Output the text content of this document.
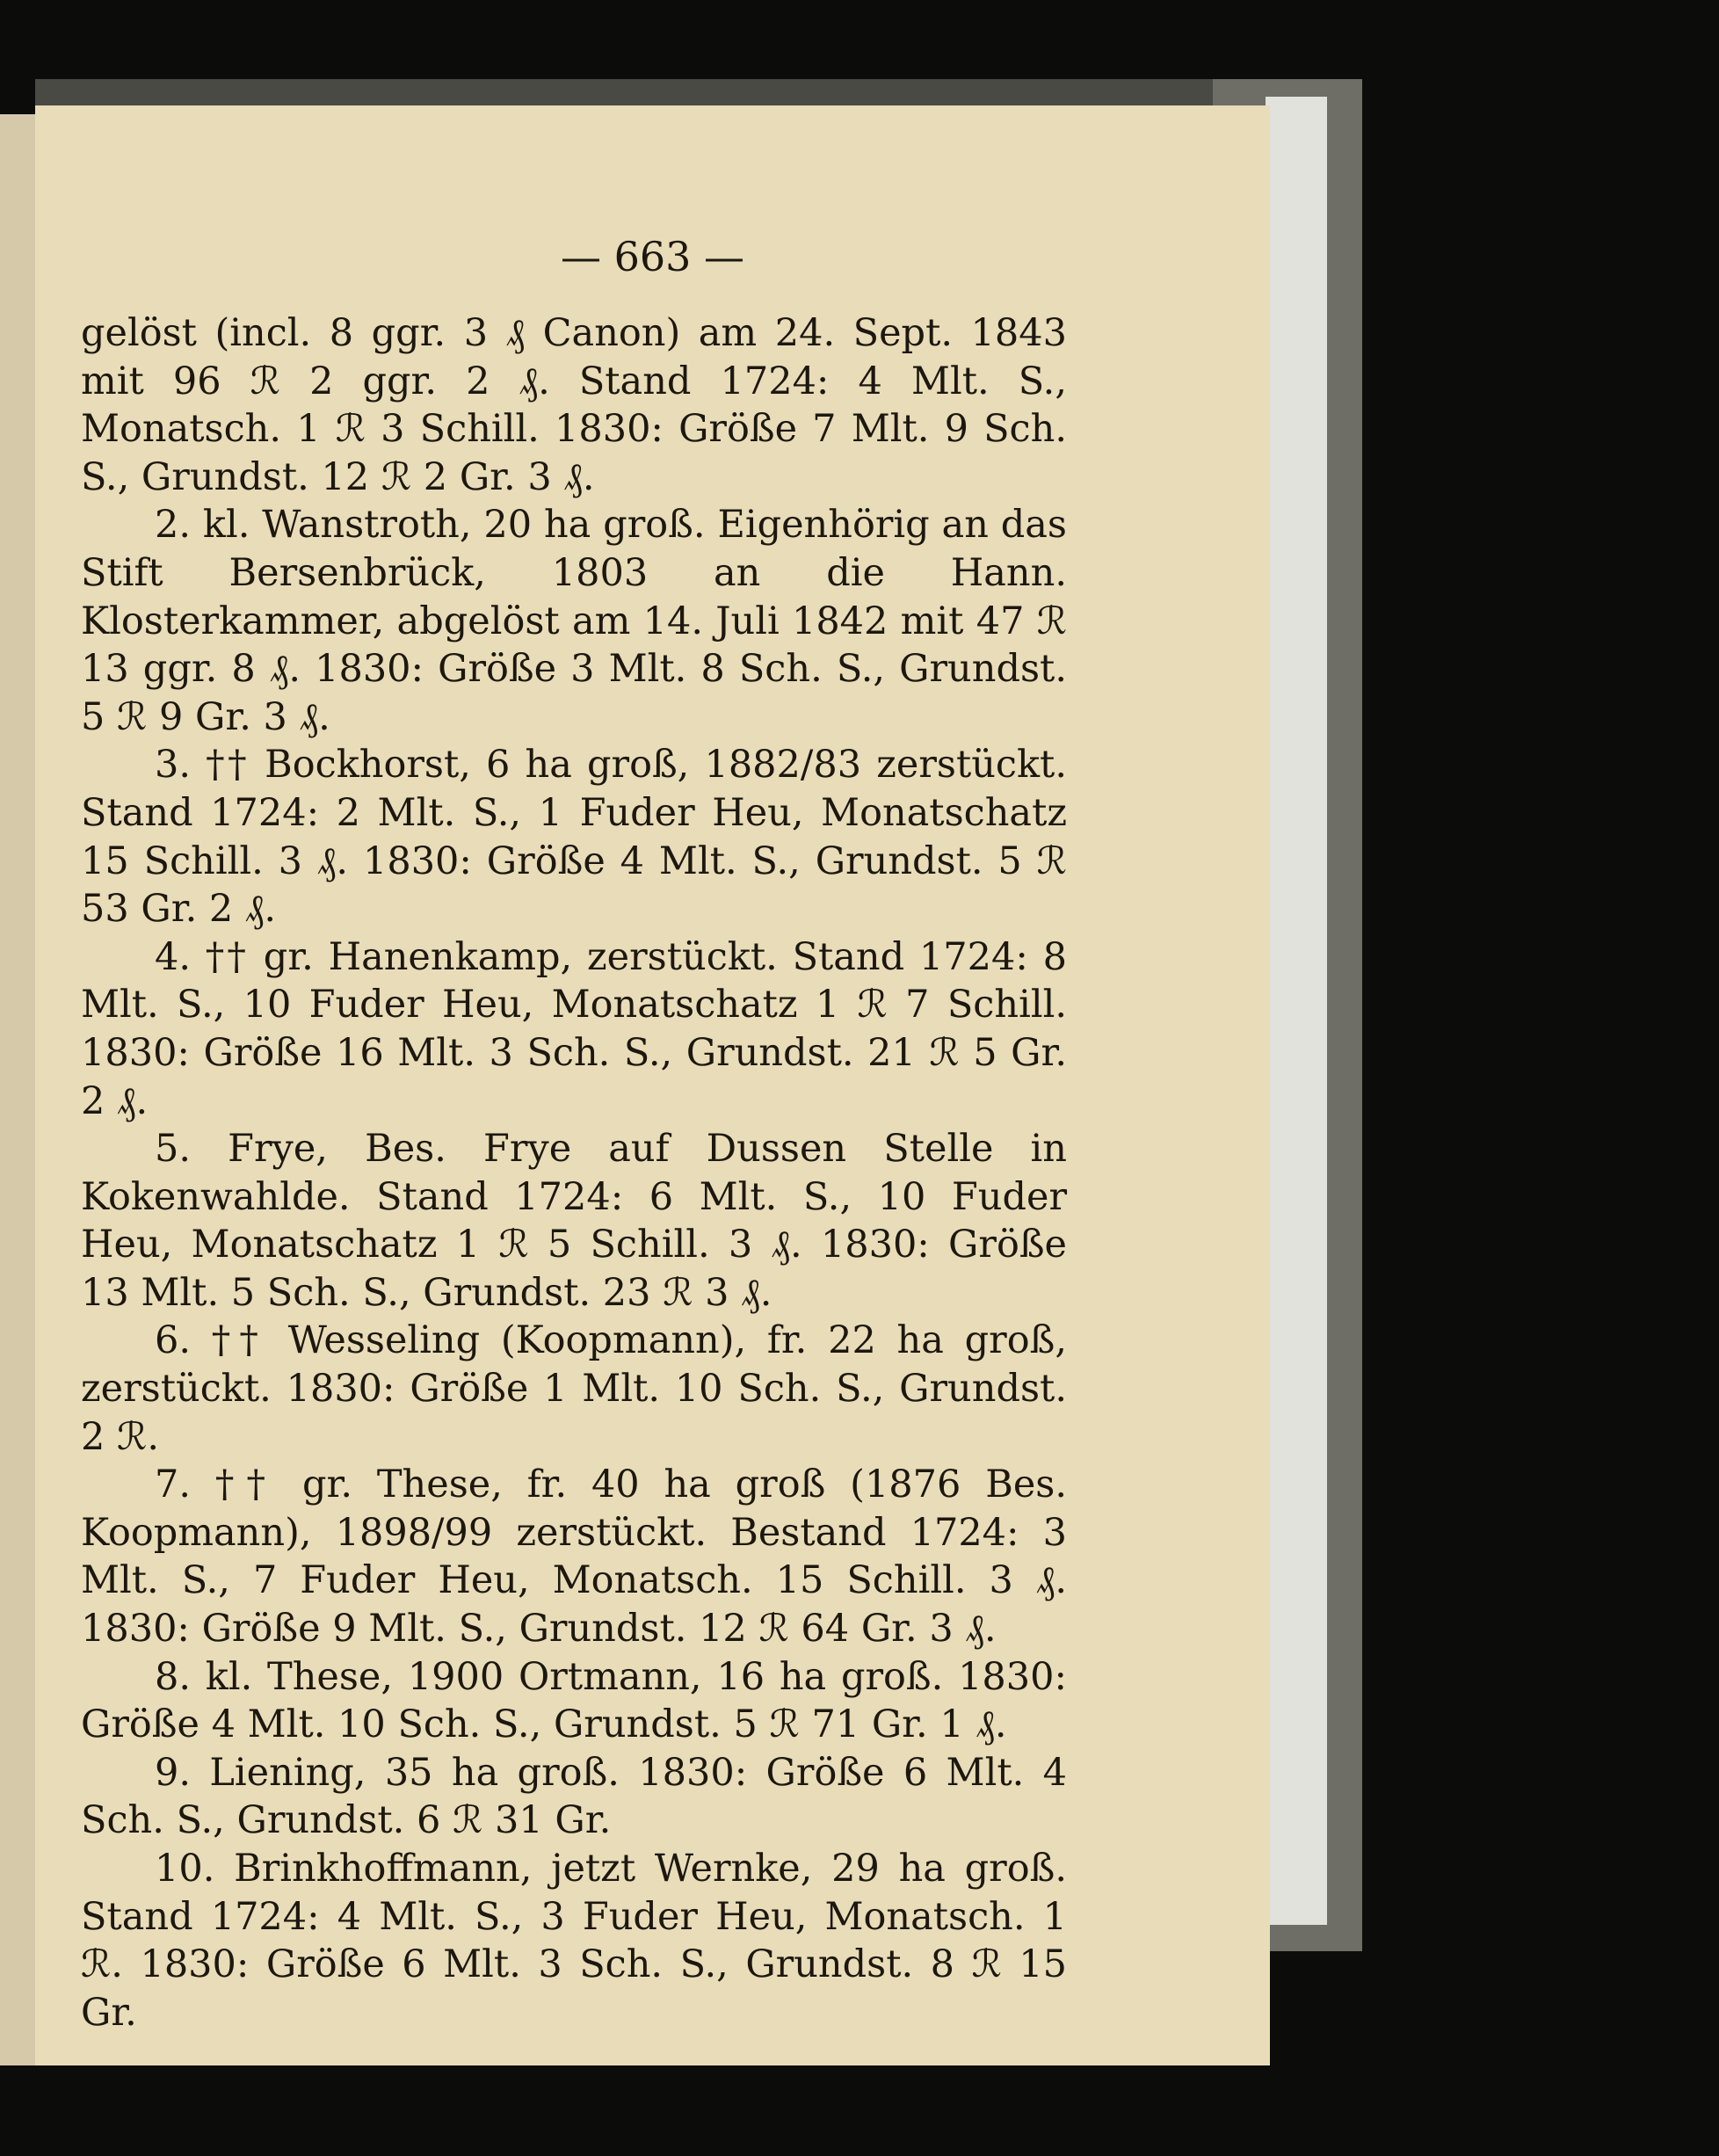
— 663 —

gelöst (incl. 8 ggr. 3 ₰ Canon) am 24. Sept. 1843 mit 96 ℛ 2 ggr. 2 ₰. Stand 1724: 4 Mlt. S., Monatsch. 1 ℛ 3 Schill. 1830: Größe 7 Mlt. 9 Sch. S., Grundst. 12 ℛ 2 Gr. 3 ₰.

2. kl. Wanstroth, 20 ha groß. Eigenhörig an das Stift Bersenbrück, 1803 an die Hann. Klosterkammer, abgelöst am 14. Juli 1842 mit 47 ℛ 13 ggr. 8 ₰. 1830: Größe 3 Mlt. 8 Sch. S., Grundst. 5 ℛ 9 Gr. 3 ₰.

3. †† Bockhorst, 6 ha groß, 1882/83 zerstückt. Stand 1724: 2 Mlt. S., 1 Fuder Heu, Monatschatz 15 Schill. 3 ₰. 1830: Größe 4 Mlt. S., Grundst. 5 ℛ 53 Gr. 2 ₰.

4. †† gr. Hanenkamp, zerstückt. Stand 1724: 8 Mlt. S., 10 Fuder Heu, Monatschatz 1 ℛ 7 Schill. 1830: Größe 16 Mlt. 3 Sch. S., Grundst. 21 ℛ 5 Gr. 2 ₰.

5. Frye, Bes. Frye auf Dussen Stelle in Kokenwahlde. Stand 1724: 6 Mlt. S., 10 Fuder Heu, Monatschatz 1 ℛ 5 Schill. 3 ₰. 1830: Größe 13 Mlt. 5 Sch. S., Grundst. 23 ℛ 3 ₰.

6. †† Wesseling (Koopmann), fr. 22 ha groß, zerstückt. 1830: Größe 1 Mlt. 10 Sch. S., Grundst. 2 ℛ.

7. †† gr. These, fr. 40 ha groß (1876 Bes. Koopmann), 1898/99 zerstückt. Bestand 1724: 3 Mlt. S., 7 Fuder Heu, Monatsch. 15 Schill. 3 ₰. 1830: Größe 9 Mlt. S., Grundst. 12 ℛ 64 Gr. 3 ₰.

8. kl. These, 1900 Ortmann, 16 ha groß. 1830: Größe 4 Mlt. 10 Sch. S., Grundst. 5 ℛ 71 Gr. 1 ₰.

9. Liening, 35 ha groß. 1830: Größe 6 Mlt. 4 Sch. S., Grundst. 6 ℛ 31 Gr.

10. Brinkhoffmann, jetzt Wernke, 29 ha groß. Stand 1724: 4 Mlt. S., 3 Fuder Heu, Monatsch. 1 ℛ. 1830: Größe 6 Mlt. 3 Sch. S., Grundst. 8 ℛ 15 Gr.
